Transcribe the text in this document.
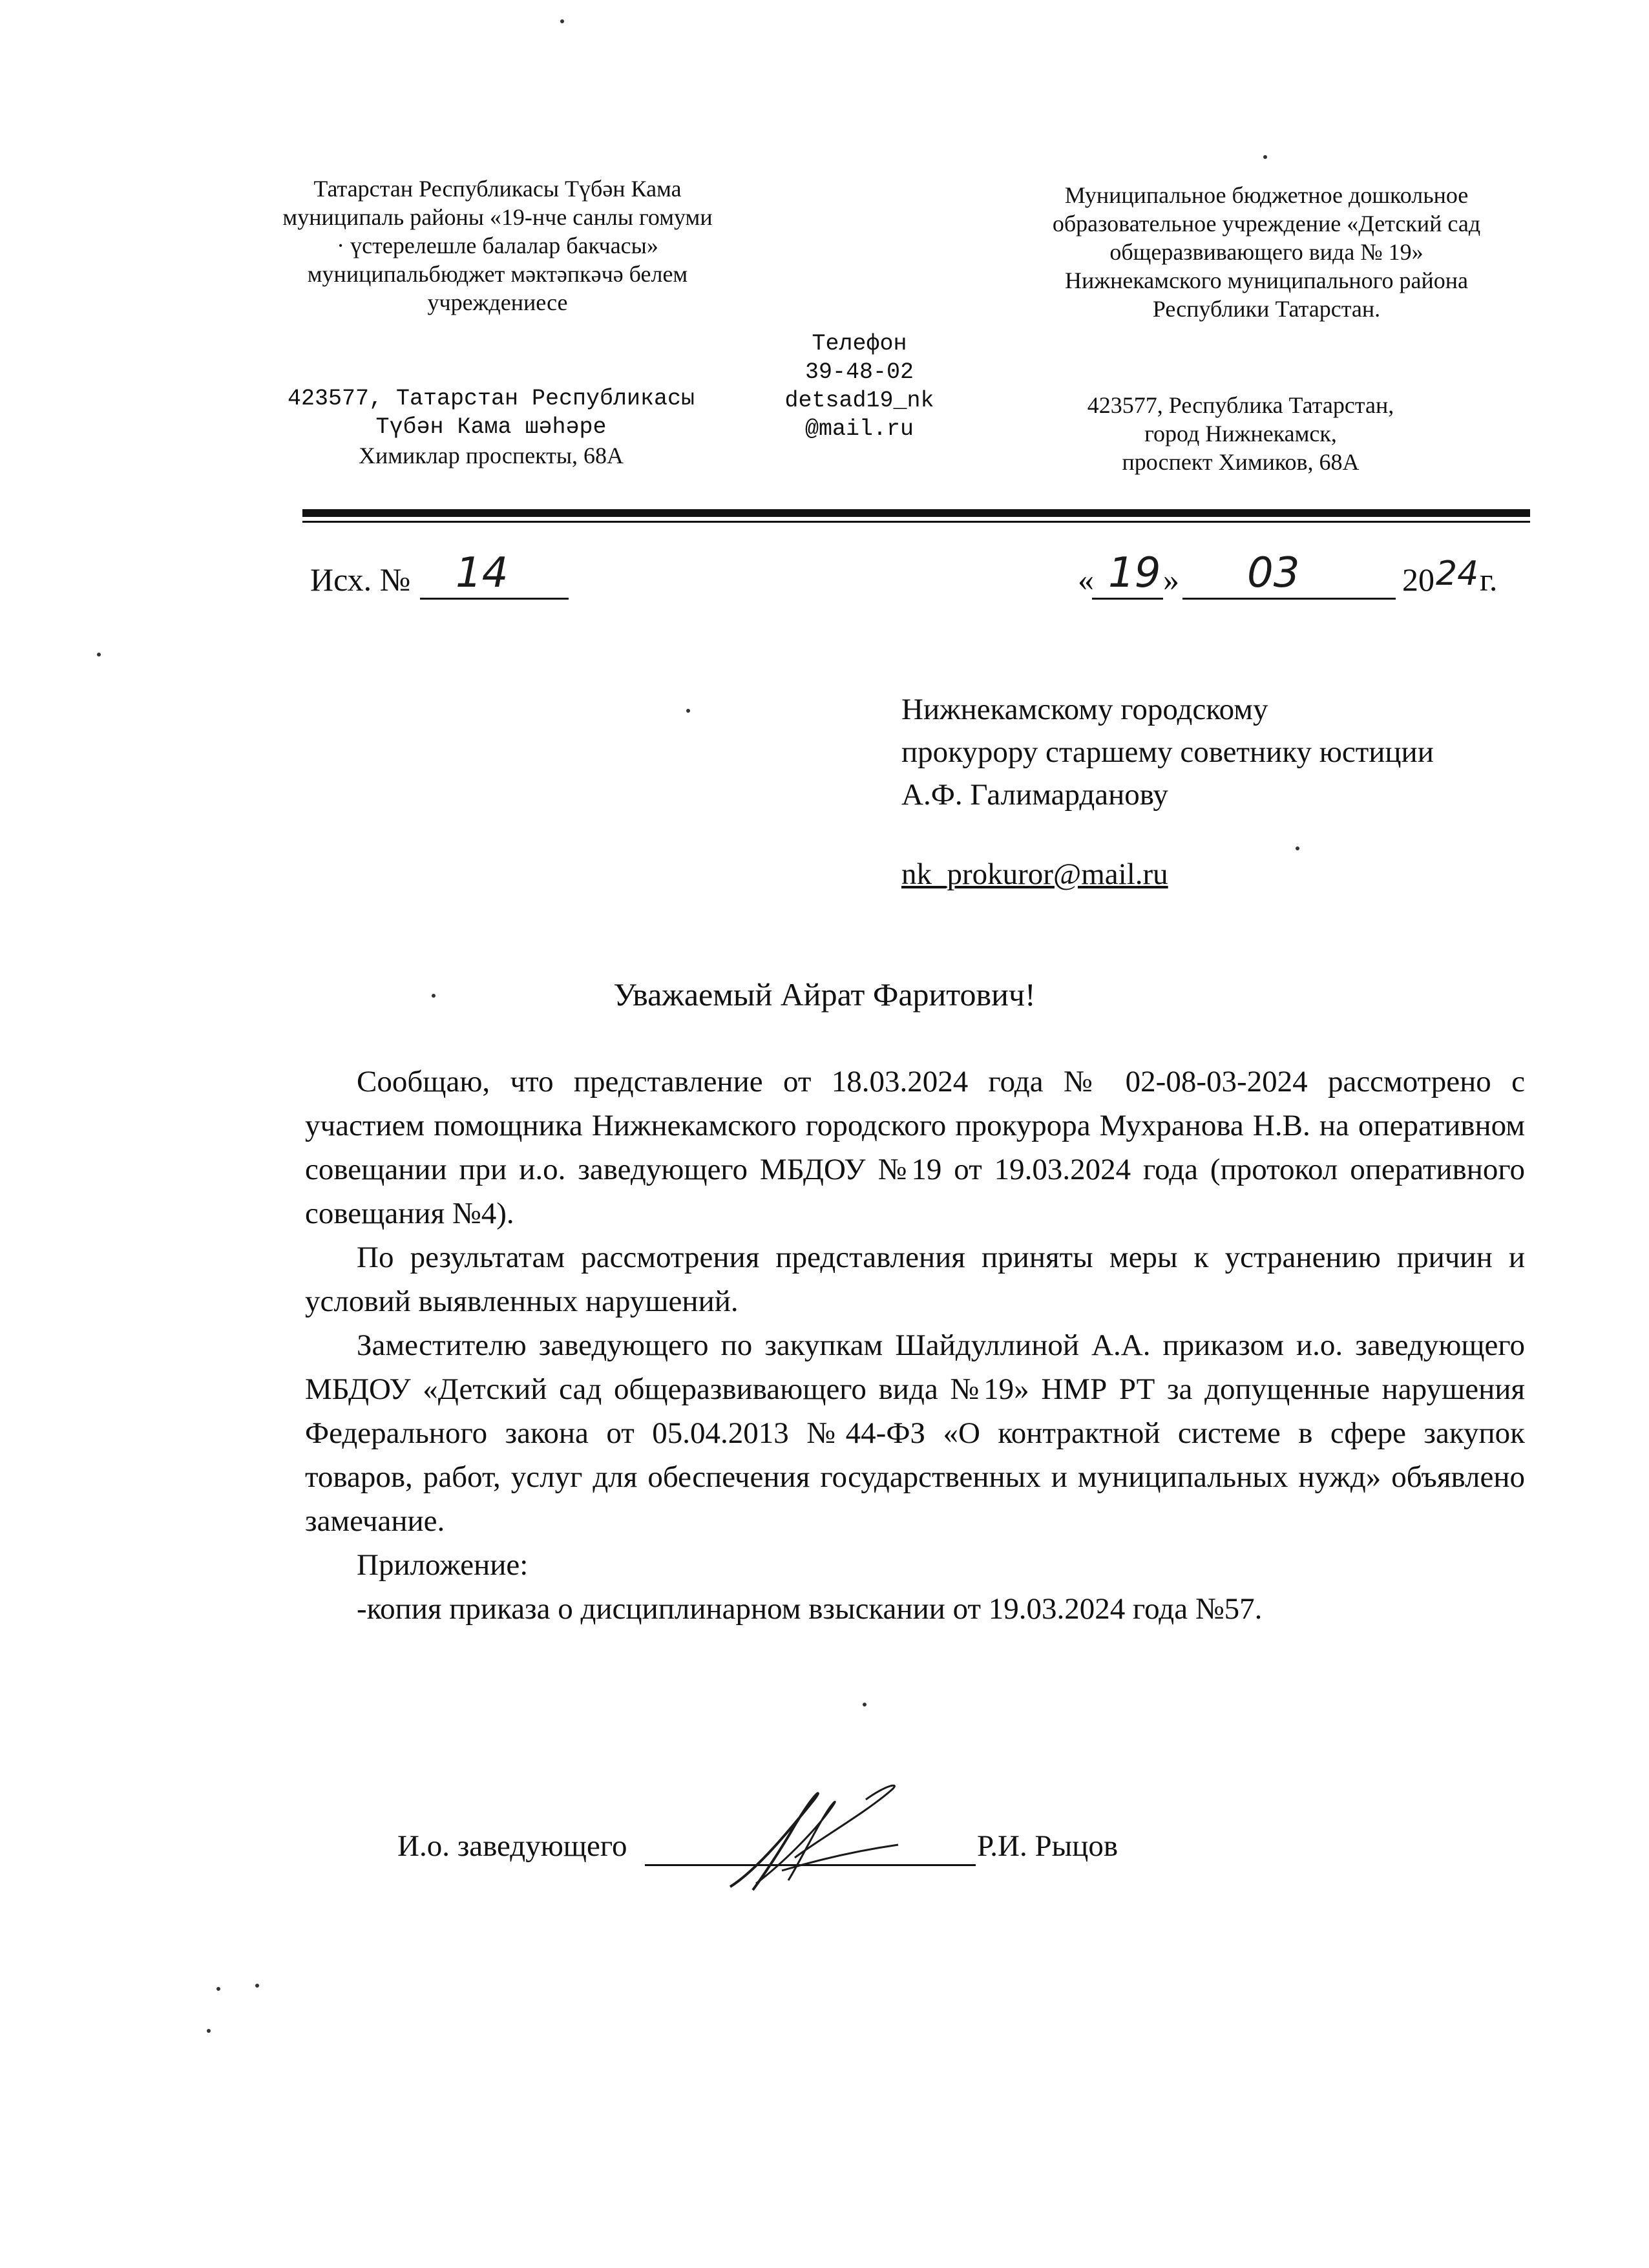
Татарстан Республикасы Түбән Кама
муниципаль районы «19-нче санлы гомуми
· үстерелешле балалар бакчасы»
муниципальбюджет мәктәпкәчә белем
учреждениесе
423577, Татарстан Республикасы
Түбән Кама шәһәре
Химиклар проспекты, 68А
Телефон
39-48-02
detsad19_nk
@mail.ru
Муниципальное бюджетное дошкольное
образовательное учреждение «Детский сад
общеразвивающего вида № 19»
Нижнекамского муниципального района
Республики Татарстан.
423577, Республика Татарстан,
город Нижнекамск,
проспект Химиков, 68А
Исх. № 14	« 19 » 03	20 24 г.
Нижнекамскому городскому
прокурору старшему советнику юстиции
А.Ф. Галимарданову
nk_prokuror@mail.ru
Уважаемый Айрат Фаритович!

Сообщаю, что представление от 18.03.2024 года № 02-08-03-2024 рассмотрено с участием помощника Нижнекамского городского прокурора Мухранова Н.В. на оперативном совещании при и.о. заведующего МБДОУ №19 от 19.03.2024 года (протокол оперативного совещания №4).

По результатам рассмотрения представления приняты меры к устранению причин и условий выявленных нарушений.

Заместителю заведующего по закупкам Шайдуллиной А.А. приказом и.о. заведующего МБДОУ «Детский сад общеразвивающего вида №19» НМР РТ за допущенные нарушения Федерального закона от 05.04.2013 №44-ФЗ «О контрактной системе в сфере закупок товаров, работ, услуг для обеспечения государственных и муниципальных нужд» объявлено замечание.

Приложение:

-копия приказа о дисциплинарном взыскании от 19.03.2024 года №57.

И.о. заведующего	Р.И. Рыцов
